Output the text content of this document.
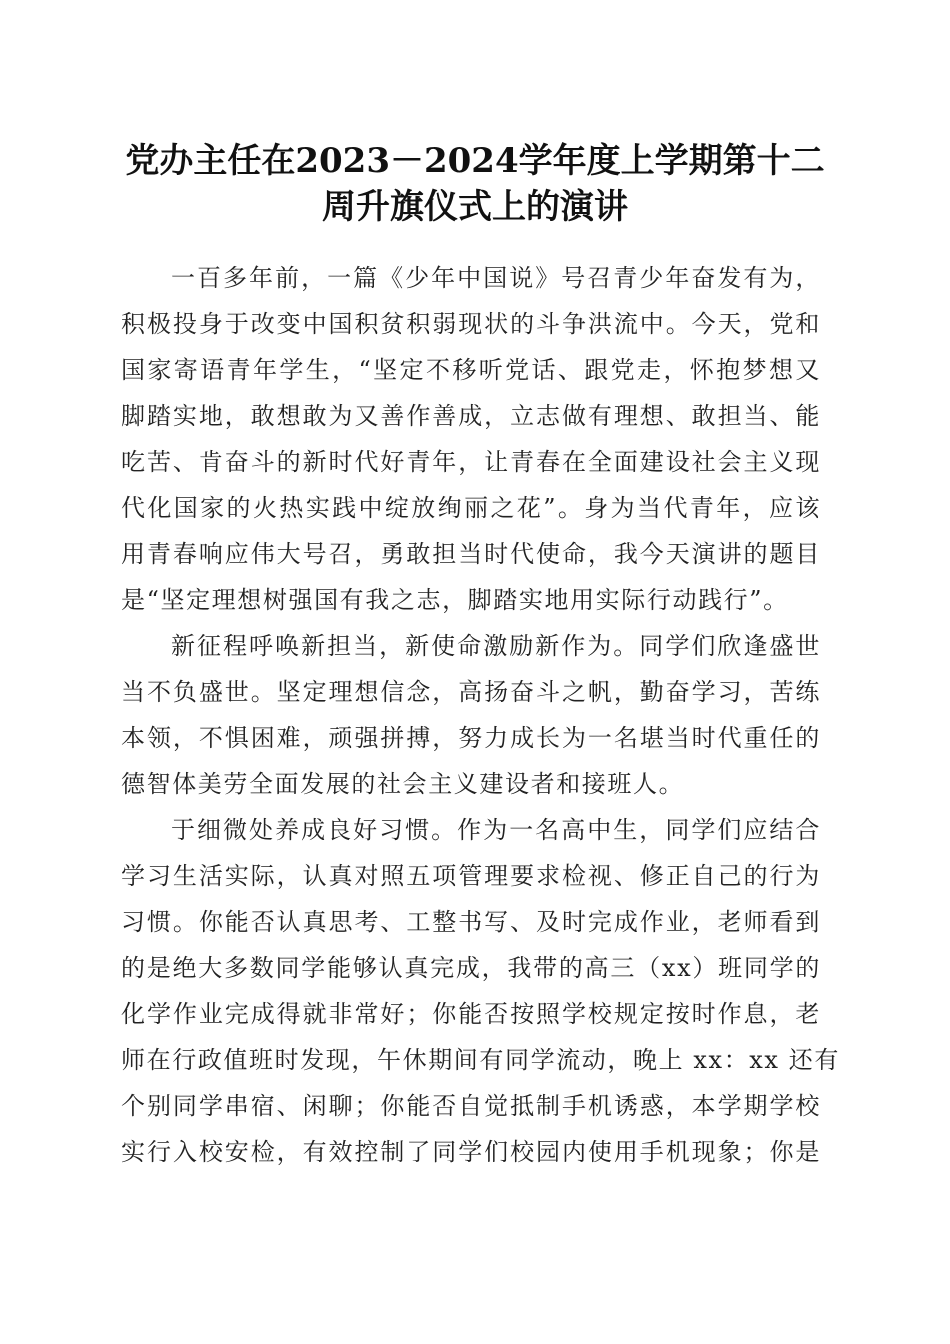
党办主任在2023－2024学年度上学期第十二
周升旗仪式上的演讲
一百多年前，一篇《少年中国说》号召青少年奋发有为，
积极投身于改变中国积贫积弱现状的斗争洪流中。今天，党和
国家寄语青年学生，“坚定不移听党话、跟党走，怀抱梦想又
脚踏实地，敢想敢为又善作善成，立志做有理想、敢担当、能
吃苦、肯奋斗的新时代好青年，让青春在全面建设社会主义现
代化国家的火热实践中绽放绚丽之花”。身为当代青年，应该
用青春响应伟大号召，勇敢担当时代使命，我今天演讲的题目
是“坚定理想树强国有我之志，脚踏实地用实际行动践行”。
新征程呼唤新担当，新使命激励新作为。同学们欣逢盛世
当不负盛世。坚定理想信念，高扬奋斗之帆，勤奋学习，苦练
本领，不惧困难，顽强拼搏，努力成长为一名堪当时代重任的
德智体美劳全面发展的社会主义建设者和接班人。
于细微处养成良好习惯。作为一名高中生，同学们应结合
学习生活实际，认真对照五项管理要求检视、修正自己的行为
习惯。你能否认真思考、工整书写、及时完成作业，老师看到
的是绝大多数同学能够认真完成，我带的高三（xx）班同学的
化学作业完成得就非常好；你能否按照学校规定按时作息，老
师在行政值班时发现，午休期间有同学流动，晚上 xx：xx 还有
个别同学串宿、闲聊；你能否自觉抵制手机诱惑，本学期学校
实行入校安检，有效控制了同学们校园内使用手机现象；你是
